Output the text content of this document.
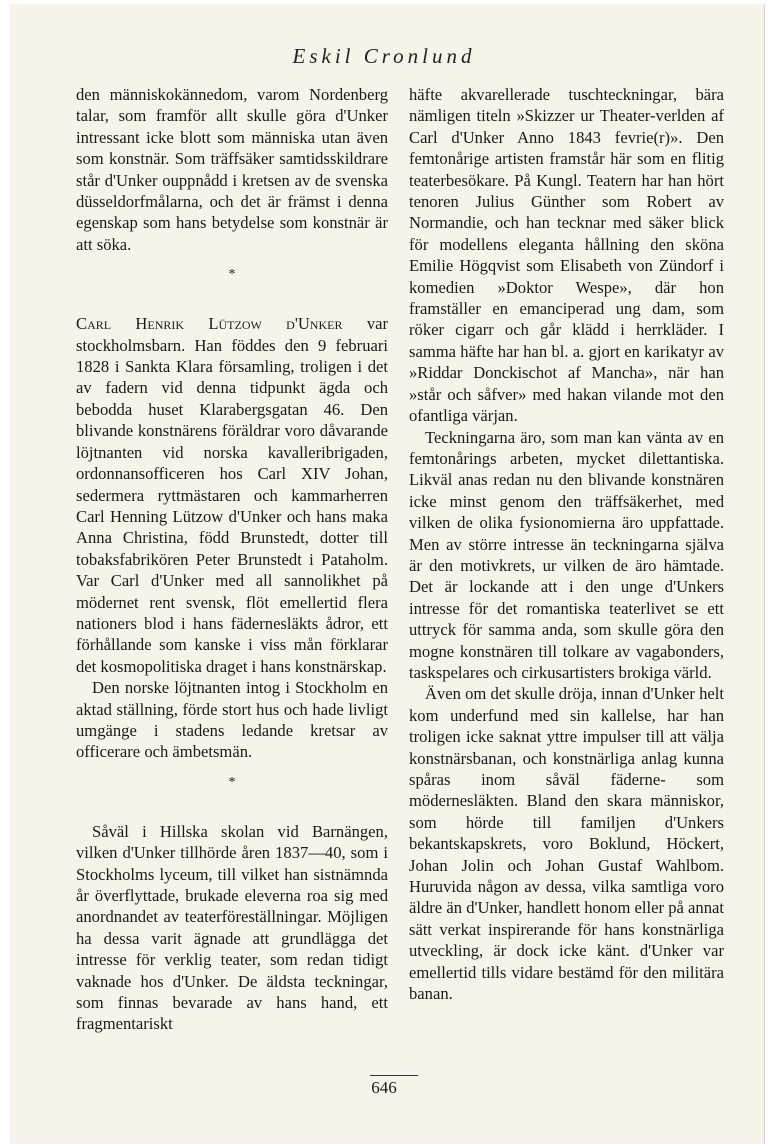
Eskil Cronlund

den människokännedom, varom Nordenberg talar, som framför allt skulle göra d'Unker intressant icke blott som människa utan även som konstnär. Som träffsäker samtidsskildrare står d'Unker ouppnådd i kretsen av de svenska düsseldorfmålarna, och det är främst i denna egenskap som hans betydelse som konstnär är att söka.

*

Carl Henrik Lützow d'Unker var stockholmsbarn. Han föddes den 9 februari 1828 i Sankta Klara församling, troligen i det av fadern vid denna tidpunkt ägda och bebodda huset Klarabergsgatan 46. Den blivande konstnärens föräldrar voro dåvarande löjtnanten vid norska kavalleribrigaden, ordonnansofficeren hos Carl XIV Johan, sedermera ryttmästaren och kammarherren Carl Henning Lützow d'Unker och hans maka Anna Christina, född Brunstedt, dotter till tobaksfabrikören Peter Brunstedt i Pataholm. Var Carl d'Unker med all sannolikhet på mödernet rent svensk, flöt emellertid flera nationers blod i hans fädernesläkts ådror, ett förhållande som kanske i viss mån förklarar det kosmopolitiska draget i hans konstnärskap.

Den norske löjtnanten intog i Stockholm en aktad ställning, förde stort hus och hade livligt umgänge i stadens ledande kretsar av officerare och ämbetsmän.

*

Såväl i Hillska skolan vid Barnängen, vilken d'Unker tillhörde åren 1837—40, som i Stockholms lyceum, till vilket han sistnämnda år överflyttade, brukade eleverna roa sig med anordnandet av teaterföreställningar. Möjligen ha dessa varit ägnade att grundlägga det intresse för verklig teater, som redan tidigt vaknade hos d'Unker. De äldsta teckningar, som finnas bevarade av hans hand, ett fragmentariskt

häfte akvarellerade tuschteckningar, bära nämligen titeln »Skizzer ur Theater-verlden af Carl d'Unker Anno 1843 fevrie(r)». Den femtonårige artisten framstår här som en flitig teaterbesökare. På Kungl. Teatern har han hört tenoren Julius Günther som Robert av Normandie, och han tecknar med säker blick för modellens eleganta hållning den sköna Emilie Högqvist som Elisabeth von Zündorf i komedien »Doktor Wespe», där hon framställer en emanciperad ung dam, som röker cigarr och går klädd i herrkläder. I samma häfte har han bl. a. gjort en karikatyr av »Riddar Donckischot af Mancha», när han »står och såfver» med hakan vilande mot den ofantliga värjan.

Teckningarna äro, som man kan vänta av en femtonårings arbeten, mycket dilettantiska. Likväl anas redan nu den blivande konstnären icke minst genom den träffsäkerhet, med vilken de olika fysionomierna äro uppfattade. Men av större intresse än teckningarna själva är den motivkrets, ur vilken de äro hämtade. Det är lockande att i den unge d'Unkers intresse för det romantiska teaterlivet se ett uttryck för samma anda, som skulle göra den mogne konstnären till tolkare av vagabonders, taskspelares och cirkusartisters brokiga värld.

Även om det skulle dröja, innan d'Unker helt kom underfund med sin kallelse, har han troligen icke saknat yttre impulser till att välja konstnärsbanan, och konstnärliga anlag kunna spåras inom såväl fäderne- som mödernesläkten. Bland den skara människor, som hörde till familjen d'Unkers bekantskapskrets, voro Boklund, Höckert, Johan Jolin och Johan Gustaf Wahlbom. Huruvida någon av dessa, vilka samtliga voro äldre än d'Unker, handlett honom eller på annat sätt verkat inspirerande för hans konstnärliga utveckling, är dock icke känt. d'Unker var emellertid tills vidare bestämd för den militära banan.

646
